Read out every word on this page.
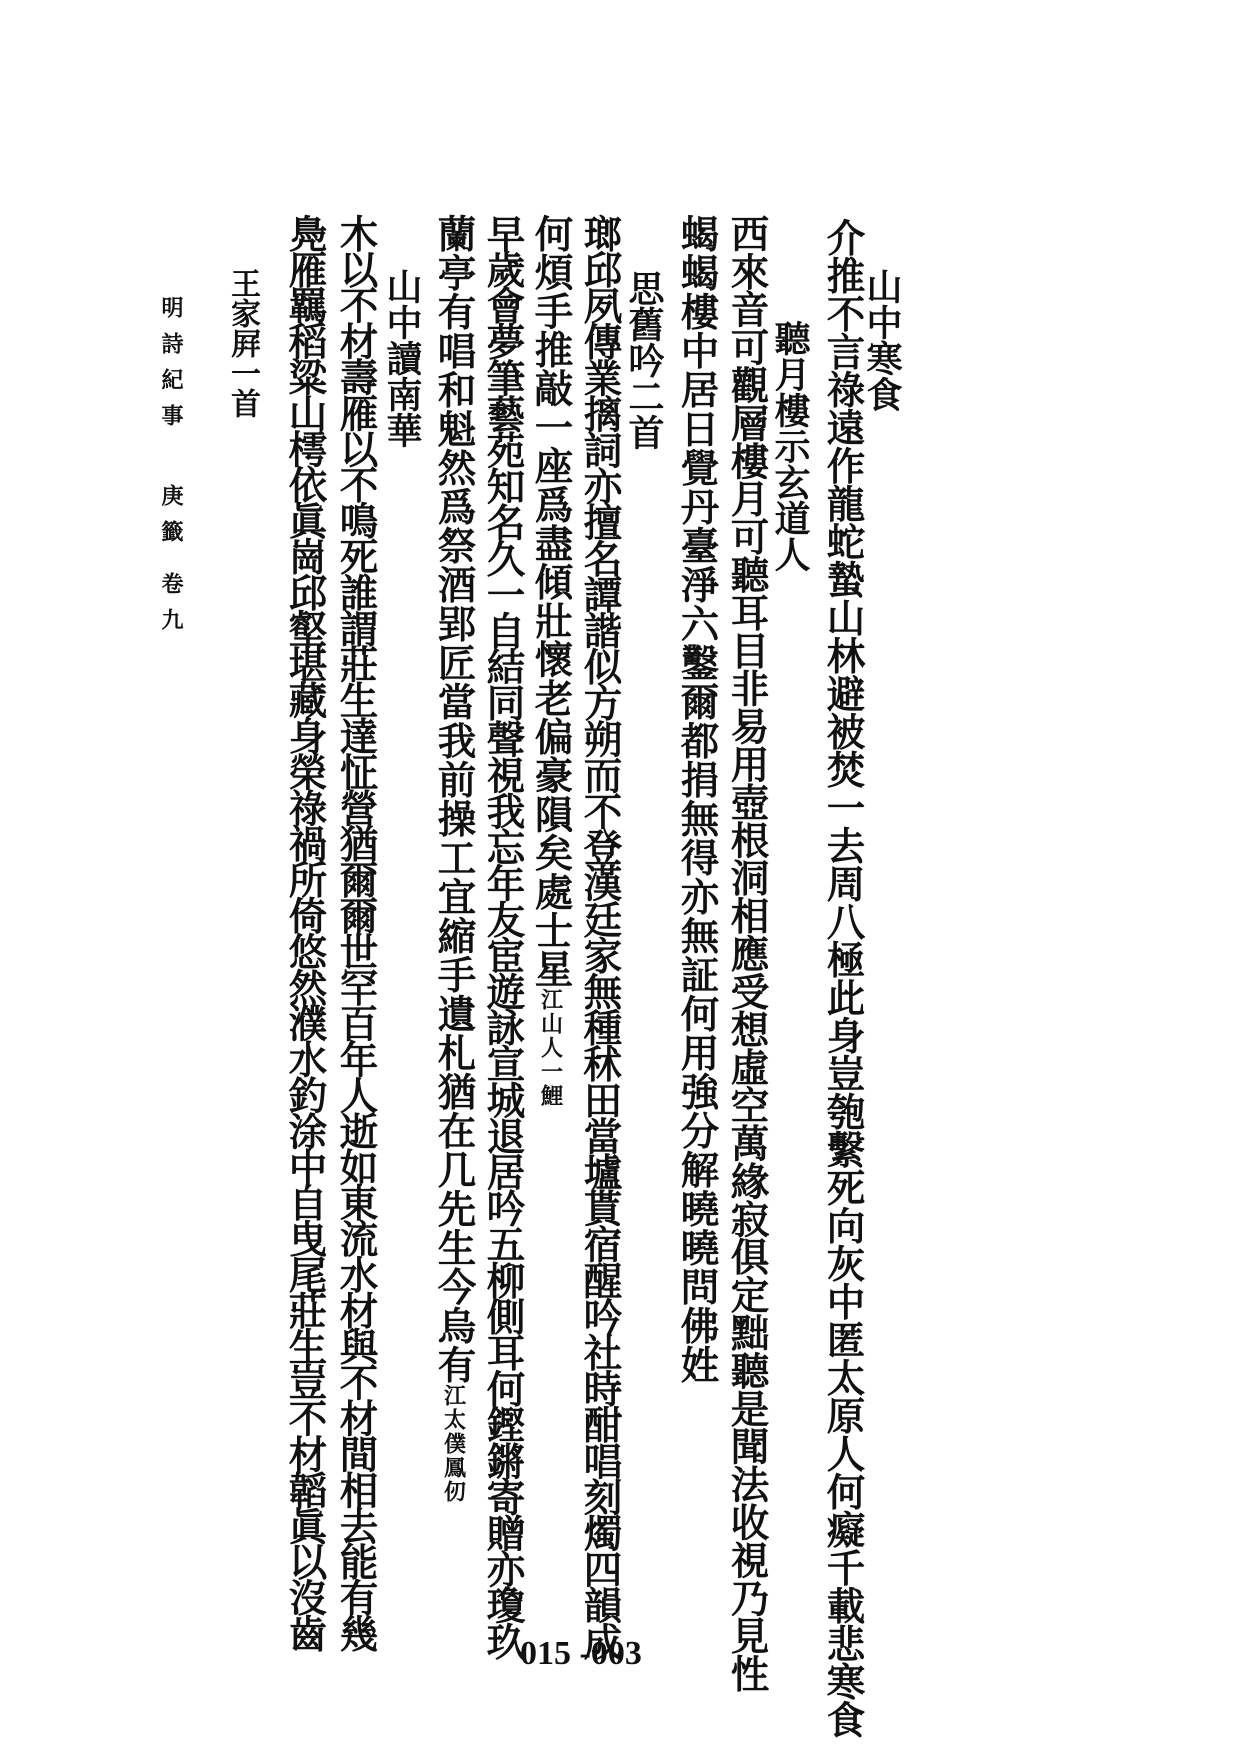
山中寒食
介推不言祿遠作龍蛇蟄山林避被焚一去周八極此身豈匏繫死向灰中匿太原人何癡千載悲寒食
聽月樓示玄道人
西來音可觀層樓月可聽耳目非易用壺根洞相應受想虛空萬緣寂俱定黜聽是聞法收視乃見性
蝎蝎樓中居日覺丹臺淨六鑿爾都捐無得亦無証何用強分解曉曉問佛姓
思舊吟二首
瑯邱夙傳業摛詞亦擅名譚諧似方朔而不登漢廷家無種秫田當壚貰宿醒吟社時酣唱刻燭四韻成
何煩手推敲一座爲盡傾壯懷老偏豪隕矣處士星江山人一鯉
早歲會夢筆藝苑知名久一自結同聲視我忘年友宦遊詠宣城退居吟五柳側耳何鏗鏘寄贈亦瓊玖
蘭亭有唱和魁然爲祭酒郢匠當我前操工宜縮手遺札猶在几先生今烏有江太僕鳳仞
山中讀南華
木以不材壽雁以不鳴死誰謂莊生達怔營猶爾爾世罕百年人逝如東流水材與不材間相去能有幾
鳧雁羈稻粱山樗依眞崗邱壑堪藏身榮祿禍所倚悠然濮水釣涂中自曳尾莊生豈不材韜眞以沒齒
王家屛一首
明詩紀事庚籤卷九
015 -003
